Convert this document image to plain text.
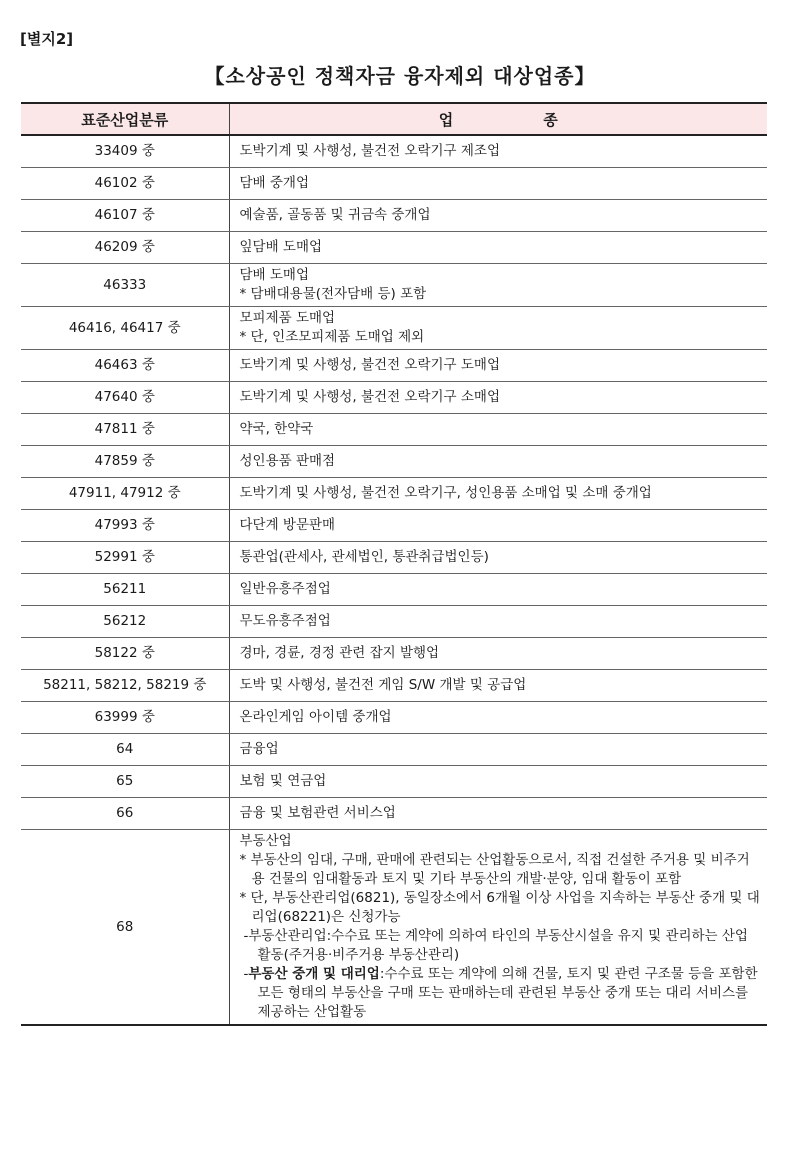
[별지2]
【소상공인 정책자금 융자제외 대상업종】
표준산업분류	업 종
33409 중	도박기계 및 사행성, 불건전 오락기구 제조업

46102 중	담배 중개업

46107 중	예술품, 골동품 및 귀금속 중개업

46209 중	잎담배 도매업

46333	담배 도매업
* 담배대용물(전자담배 등) 포함

46416, 46417 중	모피제품 도매업
* 단, 인조모피제품 도매업 제외

46463 중	도박기계 및 사행성, 불건전 오락기구 도매업

47640 중	도박기계 및 사행성, 불건전 오락기구 소매업

47811 중	약국, 한약국

47859 중	성인용품 판매점

47911, 47912 중	도박기계 및 사행성, 불건전 오락기구, 성인용품 소매업 및 소매 중개업

47993 중	다단계 방문판매

52991 중	통관업(관세사, 관세법인, 통관취급법인등)

56211	일반유흥주점업

56212	무도유흥주점업

58122 중	경마, 경륜, 경정 관련 잡지 발행업

58211, 58212, 58219 중	도박 및 사행성, 불건전 게임 S/W 개발 및 공급업

63999 중	온라인게임 아이템 중개업

64	금융업

65	보험 및 연금업

66	금융 및 보험관련 서비스업

68	부동산업
* 부동산의 임대, 구매, 판매에 관련되는 산업활동으로서, 직접 건설한 주거용 및 비주거용 건물의 임대활동과 토지 및 기타 부동산의 개발·분양, 임대 활동이 포함
* 단, 부동산관리업(6821), 동일장소에서 6개월 이상 사업을 지속하는 부동산 중개 및 대리업(68221)은 신청가능
-부동산관리업:수수료 또는 계약에 의하여 타인의 부동산시설을 유지 및 관리하는 산업활동(주거용·비주거용 부동산관리)
-부동산 중개 및 대리업:수수료 또는 계약에 의해 건물, 토지 및 관련 구조물 등을 포함한 모든 형태의 부동산을 구매 또는 판매하는데 관련된 부동산 중개 또는 대리 서비스를 제공하는 산업활동
